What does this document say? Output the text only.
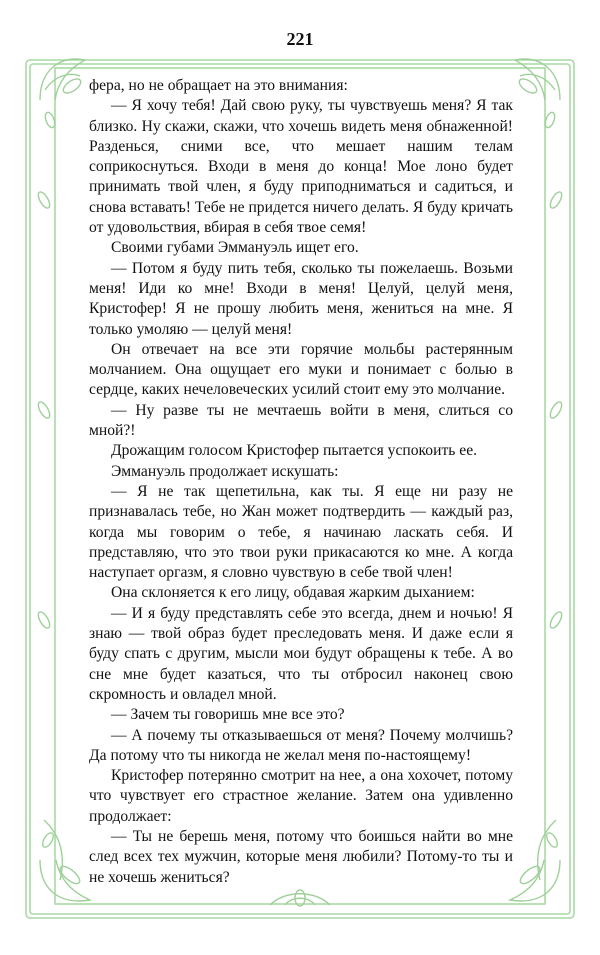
221

фера, но не обращает на это внимания:

— Я хочу тебя! Дай свою руку, ты чувствуешь меня? Я так близко. Ну скажи, скажи, что хочешь видеть меня обнаженной! Разденься, сними все, что мешает нашим телам соприкоснуться. Входи в меня до конца! Мое лоно будет принимать твой член, я буду приподниматься и садиться, и снова вставать! Тебе не придется ничего делать. Я буду кричать от удовольствия, вбирая в себя твое семя!

Своими губами Эммануэль ищет его.

— Потом я буду пить тебя, сколько ты пожелаешь. Возьми меня! Иди ко мне! Входи в меня! Целуй, целуй меня, Кристофер! Я не прошу любить меня, жениться на мне. Я только умоляю — целуй меня!

Он отвечает на все эти горячие мольбы растерянным молчанием. Она ощущает его муки и понимает с болью в сердце, каких нечеловеческих усилий стоит ему это молчание.

— Ну разве ты не мечтаешь войти в меня, слиться со мной?!

Дрожащим голосом Кристофер пытается успокоить ее.

Эммануэль продолжает искушать:

— Я не так щепетильна, как ты. Я еще ни разу не признавалась тебе, но Жан может подтвердить — каждый раз, когда мы говорим о тебе, я начинаю ласкать себя. И представляю, что это твои руки прикасаются ко мне. А когда наступает оргазм, я словно чувствую в себе твой член!

Она склоняется к его лицу, обдавая жарким дыханием:

— И я буду представлять себе это всегда, днем и ночью! Я знаю — твой образ будет преследовать меня. И даже если я буду спать с другим, мысли мои будут обращены к тебе. А во сне мне будет казаться, что ты отбросил наконец свою скромность и овладел мной.

— Зачем ты говоришь мне все это?

— А почему ты отказываешься от меня? Почему молчишь? Да потому что ты никогда не желал меня по-настоящему!

Кристофер потерянно смотрит на нее, а она хохочет, потому что чувствует его страстное желание. Затем она удивленно продолжает:

— Ты не берешь меня, потому что боишься найти во мне след всех тех мужчин, которые меня любили? Потому-то ты и не хочешь жениться?
